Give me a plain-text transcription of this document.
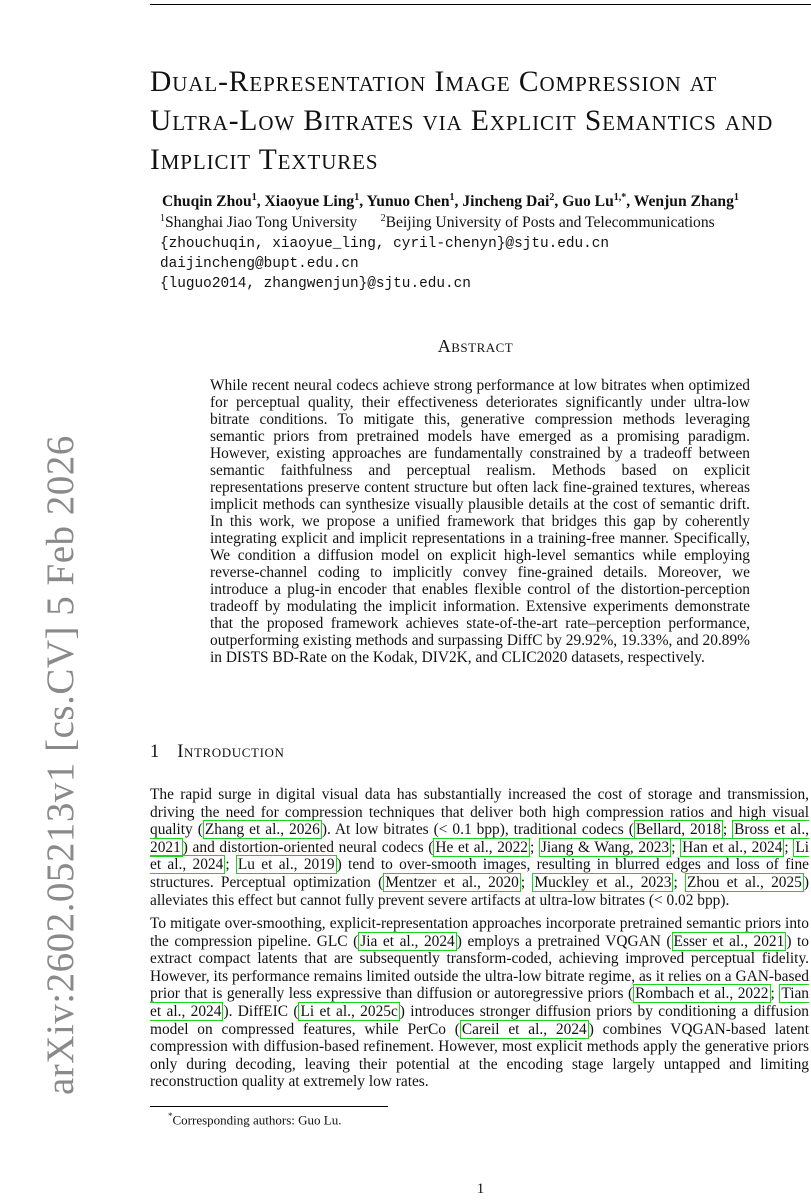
arXiv:2602.05213v1 [cs.CV] 5 Feb 2026
Dual-Representation Image Compression at Ultra-Low Bitrates via Explicit Semantics and Implicit Textures
Chuqin Zhou$^1$, Xiaoyue Ling$^1$, Yunuo Chen$^1$, Jincheng Dai$^2$, Guo $Lu^{1,*}$, Wenjun Zhang$^1$
$^1$Shanghai Jiao Tong University $^2$Beijing University of Posts and Telecommunications
{zhouchuqin, xiaoyue_ling, cyril-chenyn}@sjtu.edu.cn
daijincheng@bupt.edu.cn
{luguo2014, zhangwenjun}@sjtu.edu.cn
Abstract
While recent neural codecs achieve strong performance at low bitrates when optimized for perceptual quality, their effectiveness deteriorates significantly under ultra-low bitrate conditions. To mitigate this, generative compression methods leveraging semantic priors from pretrained models have emerged as a promising paradigm. However, existing approaches are fundamentally constrained by a tradeoff between semantic faithfulness and perceptual realism. Methods based on explicit representations preserve content structure but often lack fine-grained textures, whereas implicit methods can synthesize visually plausible details at the cost of semantic drift. In this work, we propose a unified framework that bridges this gap by coherently integrating explicit and implicit representations in a training-free manner. Specifically, We condition a diffusion model on explicit high-level semantics while employing reverse-channel coding to implicitly convey fine-grained details. Moreover, we introduce a plug-in encoder that enables flexible control of the distortion-perception tradeoff by modulating the implicit information. Extensive experiments demonstrate that the proposed framework achieves state-of-the-art rate–perception performance, outperforming existing methods and surpassing DiffC by 29.92%, 19.33%, and 20.89% in DISTS BD-Rate on the Kodak, DIV2K, and CLIC2020 datasets, respectively.
1 Introduction
The rapid surge in digital visual data has substantially increased the cost of storage and transmission, driving the need for compression techniques that deliver both high compression ratios and high visual quality ( Zhang et al., 2026 ). At low bitrates (< 0.1 bpp), traditional codecs ( Bellard, 2018 ; Bross et al., 2021 ) and distortion-oriented neural codecs ( He et al., 2022 ; Jiang & Wang, 2023 ; Han et al., 2024 ; Li et al., 2024 ; Lu et al., 2019 ) tend to over-smooth images, resulting in blurred edges and loss of fine structures. Perceptual optimization ( Mentzer et al., 2020 ; Muckley et al., 2023 ; Zhou et al., 2025 ) alleviates this effect but cannot fully prevent severe artifacts at ultra-low bitrates (< 0.02 bpp).
To mitigate over-smoothing, explicit-representation approaches incorporate pretrained semantic priors into the compression pipeline. GLC ( Jia et al., 2024 ) employs a pretrained VQGAN ( Esser et al., 2021 ) to extract compact latents that are subsequently transform-coded, achieving improved perceptual fidelity. However, its performance remains limited outside the ultra-low bitrate regime, as it relies on a GAN-based prior that is generally less expressive than diffusion or autoregressive priors ( Rombach et al., 2022 ; Tian et al., 2024 ). DiffEIC ( Li et al., 2025c ) introduces stronger diffusion priors by conditioning a diffusion model on compressed features, while PerCo ( Careil et al., 2024 ) combines VQGAN-based latent compression with diffusion-based refinement. However, most explicit methods apply the generative priors only during decoding, leaving their potential at the encoding stage largely untapped and limiting reconstruction quality at extremely low rates.
*Corresponding authors: Guo Lu.
1
